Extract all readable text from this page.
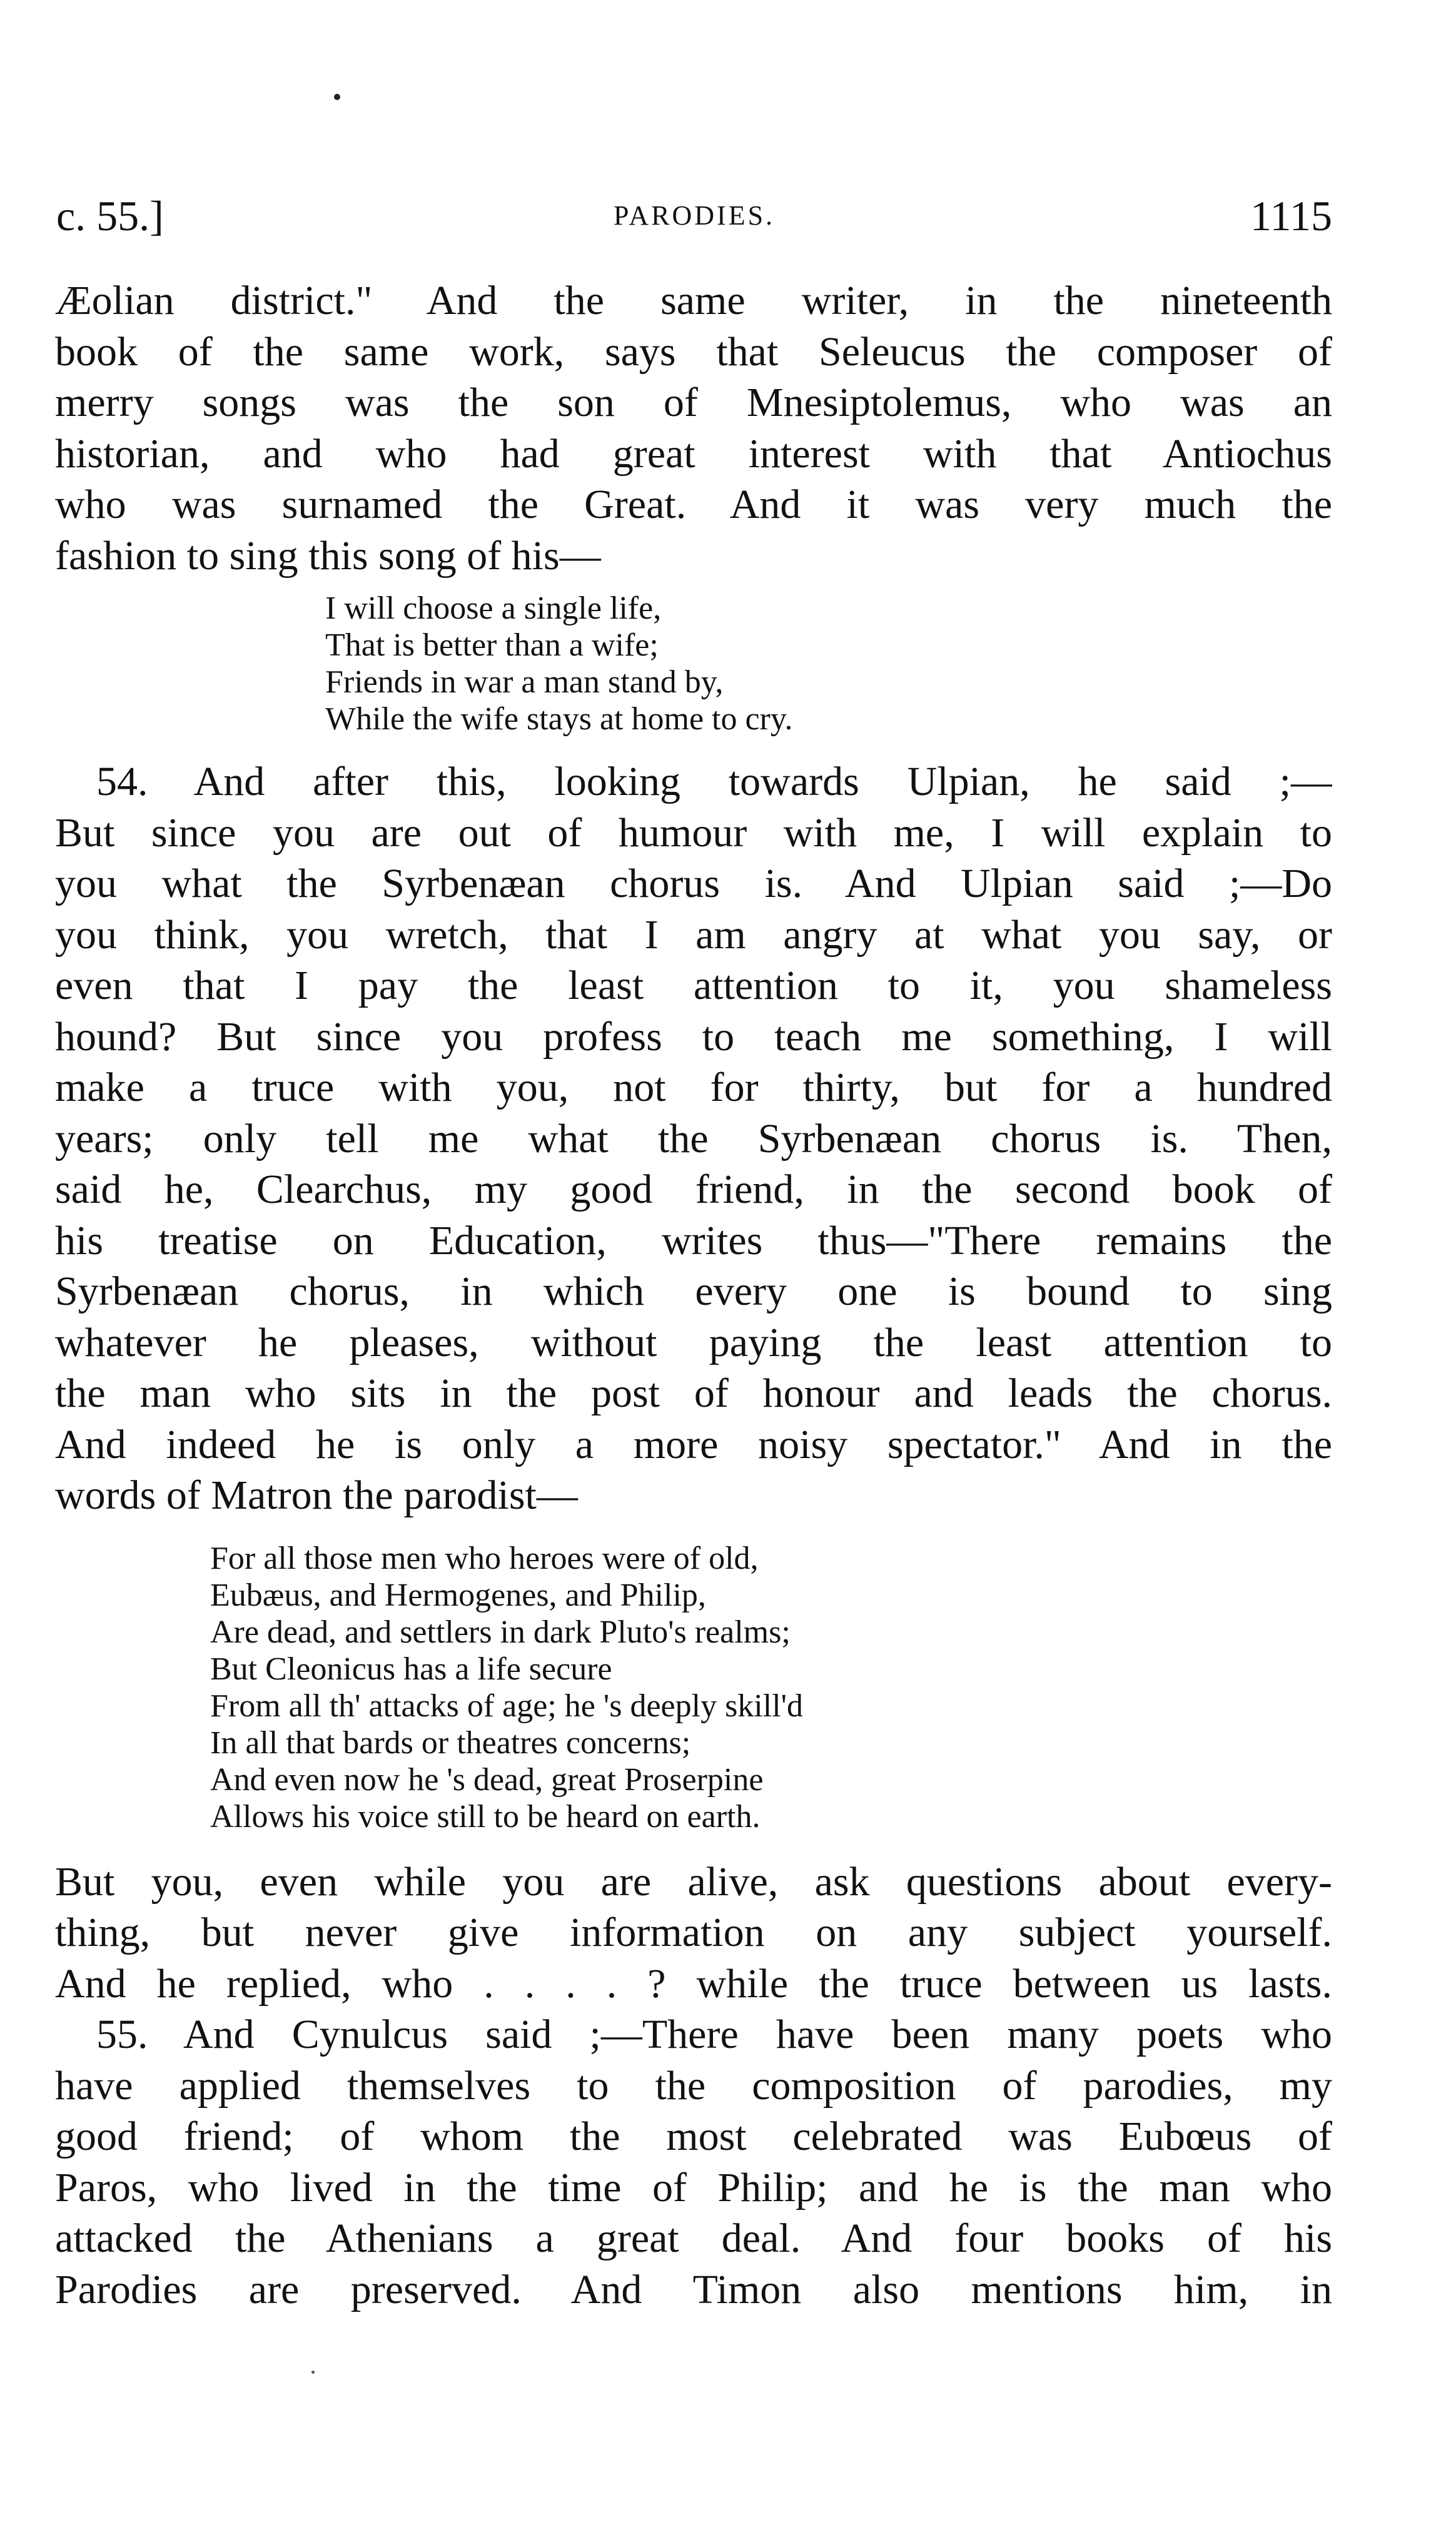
c. 55.]	PARODIES.	1115
Æolian district." And the same writer, in the nineteenth
book of the same work, says that Seleucus the composer of
merry songs was the son of Mnesiptolemus, who was an
historian, and who had great interest with that Antiochus
who was surnamed the Great. And it was very much the
fashion to sing this song of his—
I will choose a single life,
That is better than a wife;
Friends in war a man stand by,
While the wife stays at home to cry.
54. And after this, looking towards Ulpian, he said ;—
But since you are out of humour with me, I will explain to
you what the Syrbenæan chorus is. And Ulpian said ;—Do
you think, you wretch, that I am angry at what you say, or
even that I pay the least attention to it, you shameless
hound? But since you profess to teach me something, I will
make a truce with you, not for thirty, but for a hundred
years; only tell me what the Syrbenæan chorus is. Then,
said he, Clearchus, my good friend, in the second book of
his treatise on Education, writes thus—"There remains the
Syrbenæan chorus, in which every one is bound to sing
whatever he pleases, without paying the least attention to
the man who sits in the post of honour and leads the chorus.
And indeed he is only a more noisy spectator." And in the
words of Matron the parodist—
For all those men who heroes were of old,
Eubæus, and Hermogenes, and Philip,
Are dead, and settlers in dark Pluto's realms;
But Cleonicus has a life secure
From all th' attacks of age; he 's deeply skill'd
In all that bards or theatres concerns;
And even now he 's dead, great Proserpine
Allows his voice still to be heard on earth.
But you, even while you are alive, ask questions about every-
thing, but never give information on any subject yourself.
And he replied, who . . . . ? while the truce between us lasts.
55. And Cynulcus said ;—There have been many poets who
have applied themselves to the composition of parodies, my
good friend; of whom the most celebrated was Eubœus of
Paros, who lived in the time of Philip; and he is the man who
attacked the Athenians a great deal. And four books of his
Parodies are preserved. And Timon also mentions him, in
